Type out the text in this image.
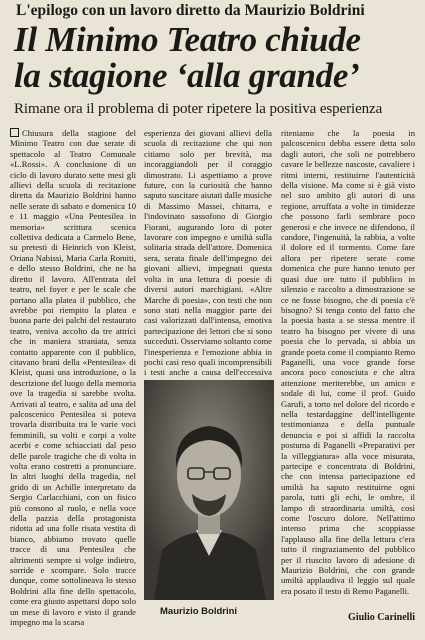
L'epilogo con un lavoro diretto da Maurizio Boldrini
Il Minimo Teatro chiude
la stagione ‘alla grande’
Rimane ora il problema di poter ripetere la positiva esperienza
Chiusura della stagione del Minimo Teatro con due serate di spettacolo al Teatro Comunale «L.Rossi». A conclusione di un ciclo di lavoro durato sette mesi gli allievi della scuola di recitazione diretta da Maurizio Boldrini hanno nelle serate di sabato e domenica 10 e 11 maggio «Una Pentesilea in memoria» scrittura scenica collettiva dedicata a Carmelo Bene, su pretesti di Heinrich von Kleist, Oriana Nabissi, Maria Carla Romiti, e dello stesso Boldrini, che ne ha diretto il lavoro. All'entrata del teatro, nel foyer e per le scale che portano alla platea il pubblico, che avrebbe poi riempito la platea e buona parte dei palchi del restaurato teatro, veniva accolto da tre attrici che in maniera straniata, senza contatto apparente con il pubblico, citavano brani della «Pentesilea» di Kleist, quasi una introduzione, o la descrizione del luogo della memoria ove la tragedia si sarebbe svolta. Arrivati al teatro, e salita ad una del palcoscenico Pentesilea si poteva trovarla distribuita tra le varie voci femminili, su volti e corpi a volte acerbi e come schiacciati dal peso delle parole tragiche che di volta in volta erano costretti a pronunciare. In altri luoghi della tragedia, nel grido di un Achille interpretato da Sergio Carlacchiani, con un fisico più consono al ruolo, e nella voce della pazzia della protagonista ridotta ad una folle risata vestita di bianco, abbiamo trovato quelle tracce di una Pentesilea che altrimenti sempre si volge indietro, sorride e scompare. Solo tracce dunque, come sottolineava lo stesso Boldrini alla fine dello spettacolo, come era giusto aspettarsi dopo solo un mese di lavoro e visto il grande impegno ma la scarsa
esperienza dei giovani allievi della scuola di recitazione che qui non citiamo solo per brevità, ma incoraggiandoli per il coraggio dimostrato. Li aspettiamo a prove future, con la curiosità che hanno saputo suscitare aiutati dalle musiche di Massimo Massei, chitarra, e l'indovinato sassofono di Giorgio Fiorani, augurando loro di poter lavorare con impegno e umiltà sulla solitaria strada dell'attore. Domenica sera, serata finale dell'impegno dei giovani allievi, impegnati questa volta in una lettura di poesie di diversi autori marchigiani. «Altre Marche di poesia», con testi che non sono stati nella maggior parte dei casi valorizzati dall'intensa, emotiva partecipazione dei lettori che si sono succeduti. Osserviamo soltanto come l'inesperienza e l'emozione abbia in pochi casi reso quali incomprensibili i testi anche a causa dell'eccessiva
Maurizio Boldrini
riteniamo che la poesia in palcoscenico debba essere detta solo dagli autori, che soli ne potrebbero cavare le bellezze nascoste, cavaliere i ritmi interni, restituirne l'autenticità della visione. Ma come si è già visto nel suo ambito gli autori di una regione, arruffata a volte in timidezze che possono farli sembrare poco generosi e che invece ne difendono, il candore, l'ingenuità, la rabbia, a volte il dolore ed il tormento. Come fare allora per ripetere serate come domenica che pure hanno tenuto per quasi due ore tutto il pubblico in silenzio e raccolto a dimostrazione se ce ne fosse bisogno, che di poesia c'è bisogno? Si tenga conto del fatto che la poesia basta a se stessa mentre il teatro ha bisogno per vivere di una poesia che lo pervada, si abbia un grande poeta come il compianto Remo Paganelli, una voce grande forse ancora poco conosciuta e che altra attenzione meriterebbe, un amico e sodale di lui, come il prof. Guido Garufi, a torto nel dolore del ricordo e nella testardaggine dell'intelligente testimonianza e della puntuale denuncia e poi si affidi la raccolta postuma di Paganelli «Preparativi per la villeggiatura» alla voce misurata, partecipe e concentrata di Boldrini, che con intensa partecipazione ed umiltà ha saputo restituirne ogni parola, tutti gli echi, le ombre, il lampo di straordinaria umiltà, così come l'oscuro dolore. Nell'attimo intenso prima che scoppiasse l'applauso alla fine della lettura c'era tutto il ringraziamento del pubblico per il riuscito lavoro di adesione di Maurizio Boldrini, che con grande umiltà applaudiva il leggio sul quale era posato il testo di Remo Paganelli.
Giulio Carinelli
